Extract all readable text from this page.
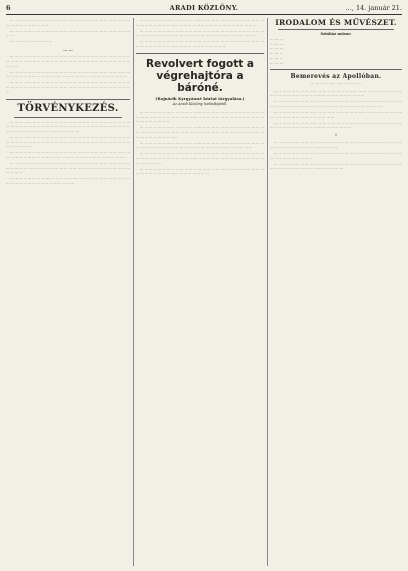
6	ARADI KÖZLÖNY.	…, 14. január 21.

… … … … … … … … … … … … … … … … … … … … … … … … … … … … … … … … … … … … …

… … … … … … … … … … … … … … … … … … … … … … … … … … … … …

… … … … … … … … … …

… …

… … … … … … … … … … … … … … … … … … … … … … … … … … … … … … … … … … … … … … … … … … … … … … … … … … … … … … … … … …

… … … … … … … … … … … … … … … … … … … … … … … … … … … … … … … … … … … … … … … … … … … … … … … … … … … … … … …

… … … … … … … … … … … … … … … … … … … … … … … … … … … … … … … … … … … … … … … … … … … … … … … … … … … … … … … …

TÖRVÉNYKEZÉS.

… … … … … … … … … … … … … … … … … … … … … … … … … … … … … … … … … … … … … … … … … … … … … … … … … … … … … … … … … … … … … … … … … … … … … … … …

… … … … … … … … … … … … … … … … … … … … … … … … … … … … … … … … … … … … … … … … … … … … … … … … … … … … … … … … … … … … …

… … … … … … … … … … … … … … … … … … … … … … … … … … … … … … … … … … … … … … … … … … … … … … … … … … … … … … …

… … … … … … … … … … … … … … … … … … … … … … … … … … … … … … … … … … … … … … … … … … … … … … … … … … … … … … … … … … …

… … … … … … … … … … … … … … … … … … … … … … … … … … … … … … … … … … … … … … … … … … …

… … … … … … … … … … … … … … … … … … … … … … … … … … … … … … … … … … … … … … … … … … … … … … … … … … … … … … … …

… … … … … … … … … … … … … … … … … … … … … … … … … … … … … … … … … … … … … … … … … … … … … … … … … … … … … … … …

… … … … … … … … … … … … … … … … … … … … … … … … … … … … … … … … … … … … … … … … … … … … … … … … …

Revolvert fogott a végrehajtóra a báróné.
(Rajnárik Kyrgyánné kúriai tárgyalása.)
Az Aradi Közlöny tudósítójától.

… … … … … … … … … … … … … … … … … … … … … … … … … … … … … … … … … … … … … … … … … … … … … … … … … … … … … … … … … … … … … … … … …

… … … … … … … … … … … … … … … … … … … … … … … … … … … … … … … … … … … … … … … … … … … … … … … … … … … … … … … … … … … … … … … … … … …

… … … … … … … … … … … … … … … … … … … … … … … … … … … … … … … … … … … … … … … … … … … … … … … … … … … … … … …

… … … … … … … … … … … … … … … … … … … … … … … … … … … … … … … … … … … … … … … … … … … … … … … … … … … … … … … … … … … … … … …

… … … … … … … … … … … … … … … … … … … … … … … … … … … … … … … … … … … … … … … … … … … … …

IRODALOM ÉS MŰVÉSZET.
Szinház műsor:
… … …
… … …
… … …
… … …
… … …
… … …
Bemerevés az Apollóban.
… … … … … … … … … … …

… … … … … … … … … … … … … … … … … … … … … … … … … … … … … … … … … … … … … … … … … … … … … … … … … … …

… … … … … … … … … … … … … … … … … … … … … … … … … … … … … … … … … … … … … … … … … … … … … … … … … … … … … … …

… … … … … … … … … … … … … … … … … … … … … … … … … … … … … … … … … … … … … … … … … … … …

… … … … … … … … … … … … … … … … … … … … … … … … … … … … … … … … … … … … … … … … … … … … … … … …

*

… … … … … … … … … … … … … … … … … … … … … … … … … … … … … … … … … … … … … … … … … … … … …

… … … … … … … … … … … … … … … … … … … … … … … … … … … … … … … … … … … … … … …

… … … … … … … … … … … … … … … … … … … … … … … … … … … … … … … … … … … … … … … … … … … … … …
